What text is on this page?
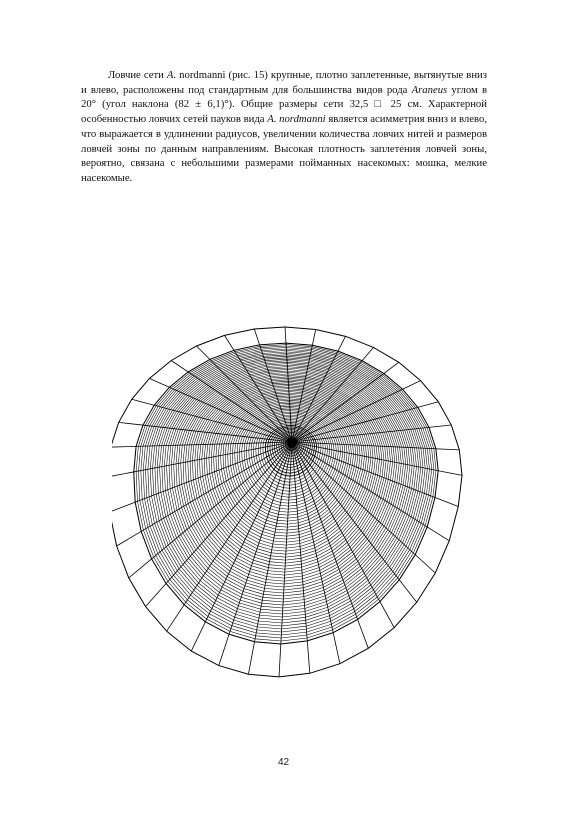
Ловчие сети A. nordmanni (рис. 15) крупные, плотно заплетенные, вытянутые вниз и влево, расположены под стандартным для большинства видов рода Araneus углом в 20° (угол наклона (82 ± 6,1)°). Общие размеры сети 32,5 □ 25 см. Характерной особенностью ловчих сетей пауков вида A. nordmanni является асимметрия вниз и влево, что выражается в удлинении радиусов, увеличении количества ловчих нитей и размеров ловчей зоны по данным направлениям. Высокая плотность заплетения ловчей зоны, вероятно, связана с небольшими размерами пойманных насекомых: мошка, мелкие насекомые.

42
